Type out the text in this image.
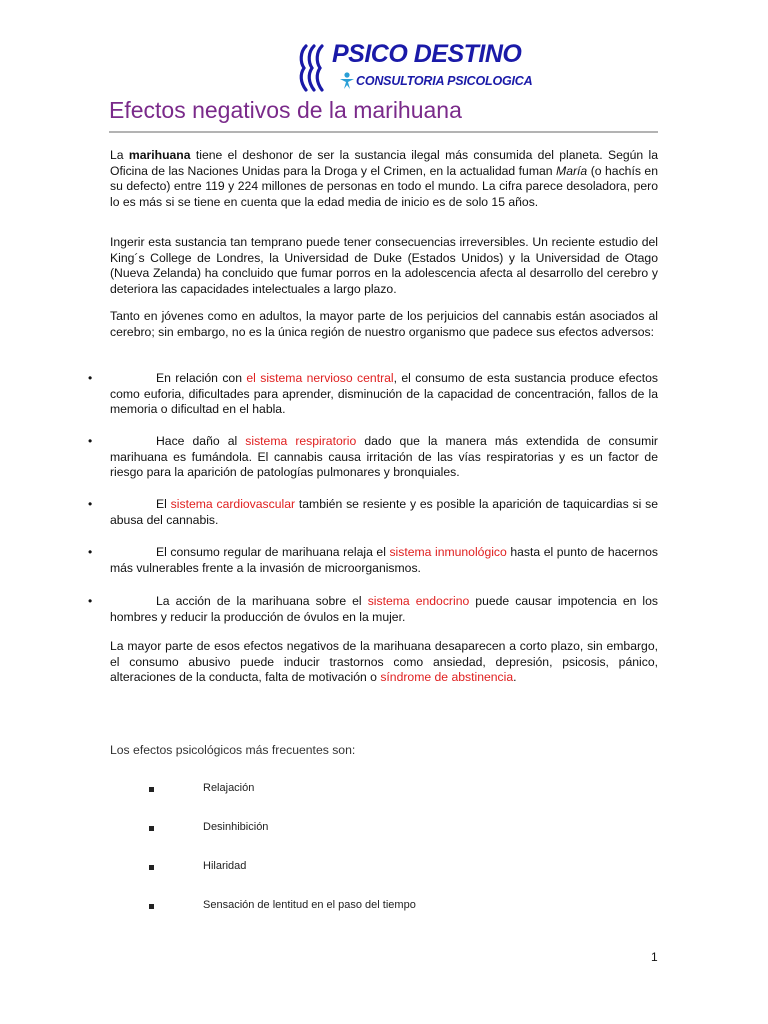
PSICO DESTINO
CONSULTORIA PSICOLOGICA
Efectos negativos de la marihuana
La marihuana tiene el deshonor de ser la sustancia ilegal más consumida del planeta. Según la Oficina de las Naciones Unidas para la Droga y el Crimen, en la actualidad fuman María (o hachís en su defecto) entre 119 y 224 millones de personas en todo el mundo. La cifra parece desoladora, pero lo es más si se tiene en cuenta que la edad media de inicio es de solo 15 años.
Ingerir esta sustancia tan temprano puede tener consecuencias irreversibles. Un reciente estudio del King´s College de Londres, la Universidad de Duke (Estados Unidos) y la Universidad de Otago (Nueva Zelanda) ha concluido que fumar porros en la adolescencia afecta al desarrollo del cerebro y deteriora las capacidades intelectuales a largo plazo.
Tanto en jóvenes como en adultos, la mayor parte de los perjuicios del cannabis están asociados al cerebro; sin embargo, no es la única región de nuestro organismo que padece sus efectos adversos:
•	En relación con el sistema nervioso central, el consumo de esta sustancia produce efectos como euforia, dificultades para aprender, disminución de la capacidad de concentración, fallos de la memoria o dificultad en el habla.
•	Hace daño al sistema respiratorio dado que la manera más extendida de consumir marihuana es fumándola. El cannabis causa irritación de las vías respiratorias y es un factor de riesgo para la aparición de patologías pulmonares y bronquiales.
•	El sistema cardiovascular también se resiente y es posible la aparición de taquicardias si se abusa del cannabis.
•	El consumo regular de marihuana relaja el sistema inmunológico hasta el punto de hacernos más vulnerables frente a la invasión de microorganismos.
•	La acción de la marihuana sobre el sistema endocrino puede causar impotencia en los hombres y reducir la producción de óvulos en la mujer.
La mayor parte de esos efectos negativos de la marihuana desaparecen a corto plazo, sin embargo, el consumo abusivo puede inducir trastornos como ansiedad, depresión, psicosis, pánico, alteraciones de la conducta, falta de motivación o síndrome de abstinencia.
Los efectos psicológicos más frecuentes son:
Relajación
Desinhibición
Hilaridad
Sensación de lentitud en el paso del tiempo
1
